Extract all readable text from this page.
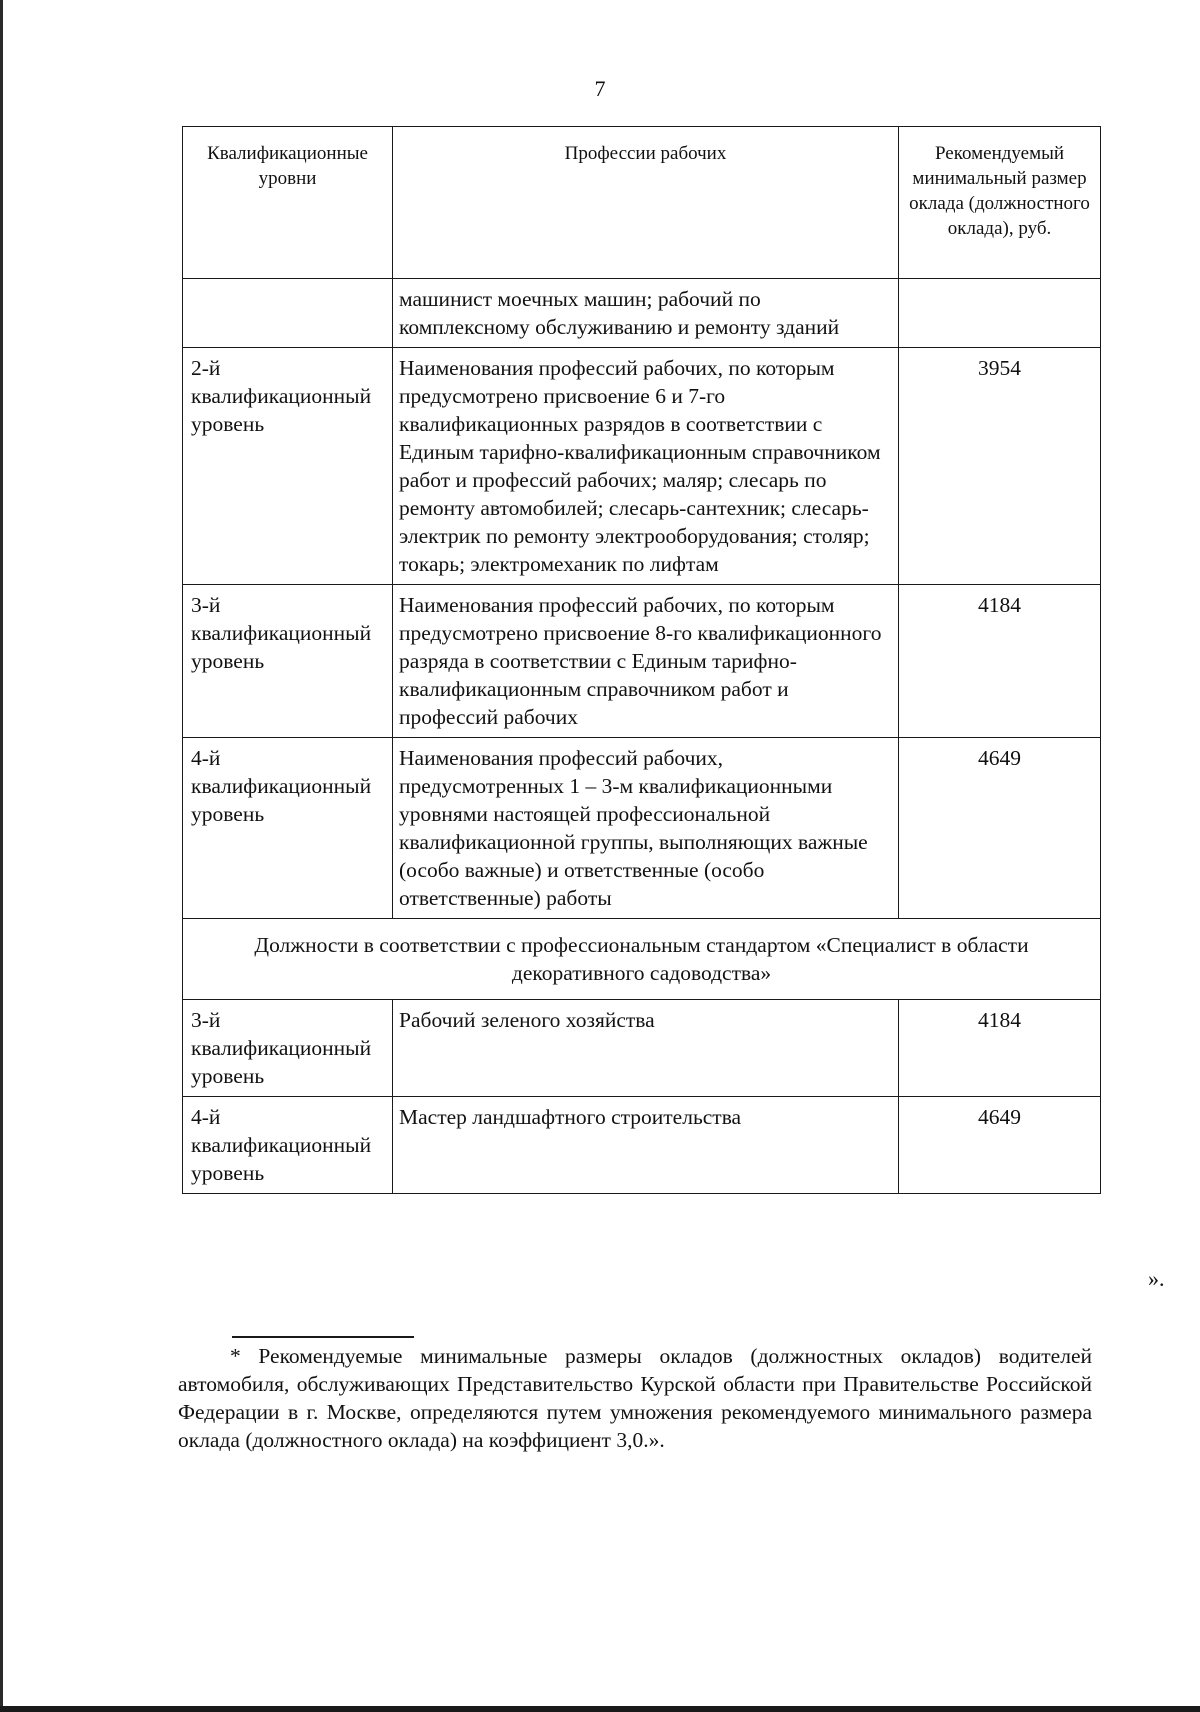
7
Квалификационные уровни	Профессии рабочих	Рекомендуемый минимальный размер оклада (должностного оклада), руб.
	машинист моечных машин; рабочий по комплексному обслуживанию и ремонту зданий	
2-й квалификационный уровень	Наименования профессий рабочих, по которым предусмотрено присвоение 6 и 7-го квалификационных разрядов в соответствии с Единым тарифно-квалификационным справочником работ и профессий рабочих; маляр; слесарь по ремонту автомобилей; слесарь-сантехник; слесарь-электрик по ремонту электрооборудования; столяр; токарь; электромеханик по лифтам	3954
3-й квалификационный уровень	Наименования профессий рабочих, по которым предусмотрено присвоение 8-го квалификационного разряда в соответствии с Единым тарифно-квалификационным справочником работ и профессий рабочих	4184
4-й квалификационный уровень	Наименования профессий рабочих, предусмотренных 1 – 3-м квалификационными уровнями настоящей профессиональной квалификационной группы, выполняющих важные (особо важные) и ответственные (особо ответственные) работы	4649
Должности в соответствии с профессиональным стандартом «Специалист в области декоративного садоводства»		
3-й квалификационный уровень	Рабочий зеленого хозяйства	4184
4-й квалификационный уровень	Мастер ландшафтного строительства	4649
».
* Рекомендуемые минимальные размеры окладов (должностных окладов) водителей автомобиля, обслуживающих Представительство Курской области при Правительстве Российской Федерации в г. Москве, определяются путем умножения рекомендуемого минимального размера оклада (должностного оклада) на коэффициент 3,0.».
